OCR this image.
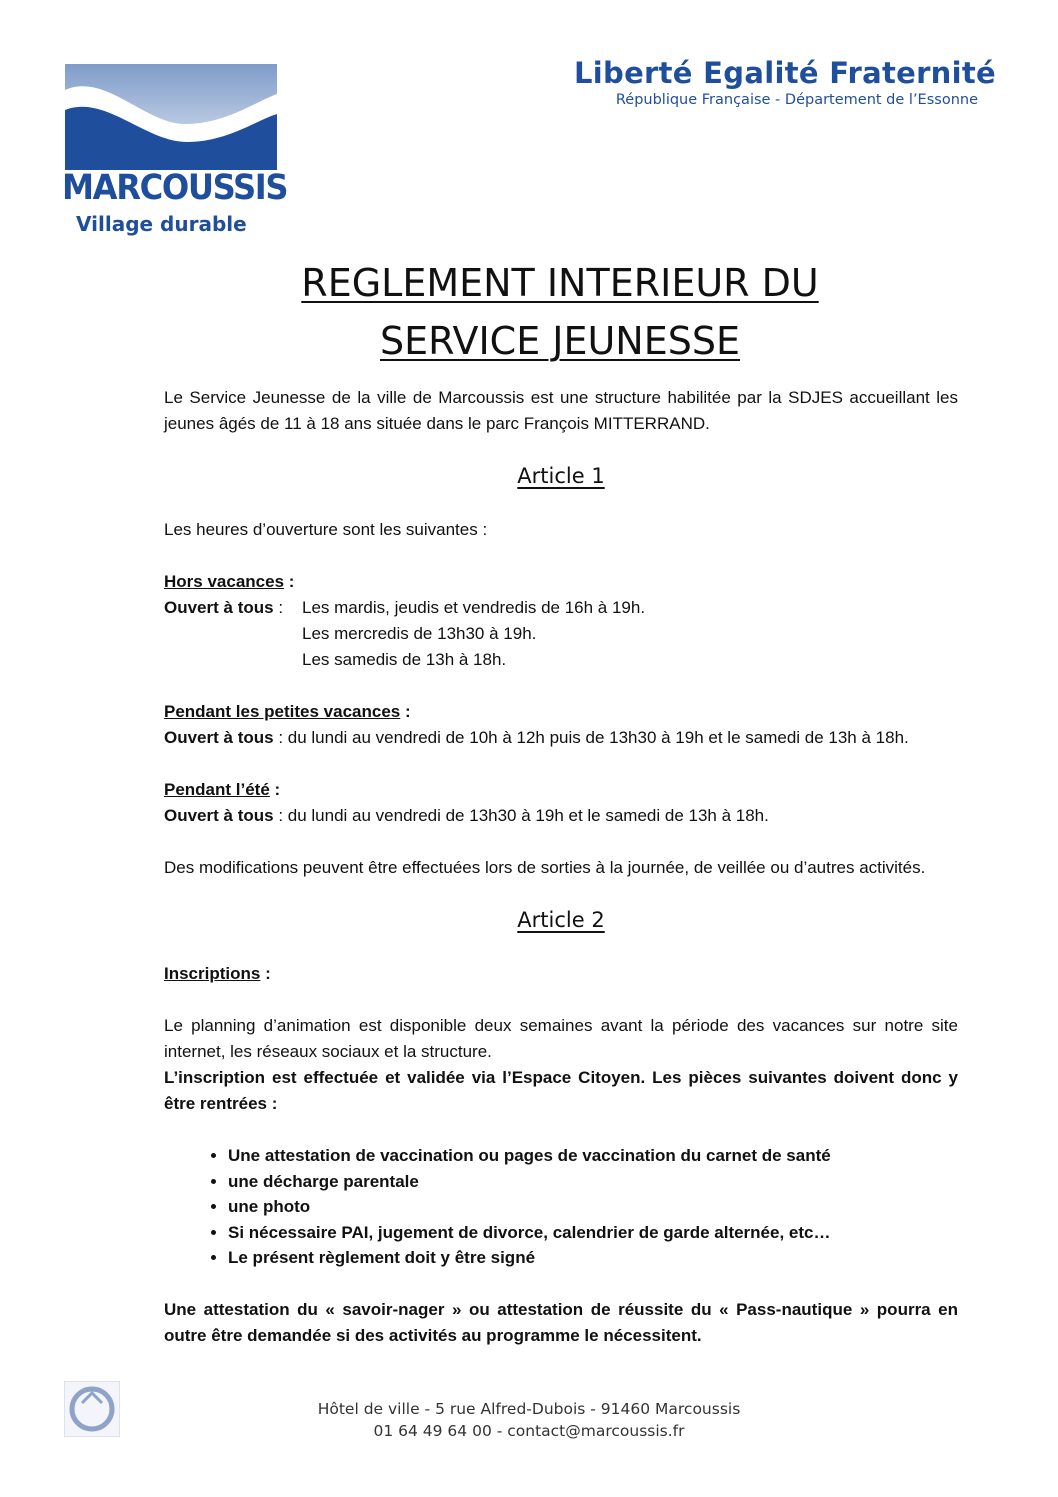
MARCOUSSIS
Village durable
Liberté Egalité Fraternité
République Française - Département de l’Essonne
REGLEMENT INTERIEUR DU
SERVICE JEUNESSE

Le Service Jeunesse de la ville de Marcoussis est une structure habilitée par la SDJES accueillant les jeunes âgés de 11 à 18 ans située dans le parc François MITTERRAND.

Article 1

Les heures d’ouverture sont les suivantes :

Hors vacances :

Ouvert à tous :	Les mardis, jeudis et vendredis de 16h à 19h.
Les mercredis de 13h30 à 19h.
Les samedis de 13h à 18h.

Pendant les petites vacances :

Ouvert à tous : du lundi au vendredi de 10h à 12h puis de 13h30 à 19h et le samedi de 13h à 18h.

Pendant l’été :

Ouvert à tous : du lundi au vendredi de 13h30 à 19h et le samedi de 13h à 18h.

Des modifications peuvent être effectuées lors de sorties à la journée, de veillée ou d’autres activités.

Article 2

Inscriptions :

Le planning d’animation est disponible deux semaines avant la période des vacances sur notre site internet, les réseaux sociaux et la structure.

L’inscription est effectuée et validée via l’Espace Citoyen. Les pièces suivantes doivent donc y être rentrées :

• Une attestation de vaccination ou pages de vaccination du carnet de santé
• une décharge parentale
• une photo
• Si nécessaire PAI, jugement de divorce, calendrier de garde alternée, etc…
• Le présent règlement doit y être signé

Une attestation du « savoir-nager » ou attestation de réussite du « Pass-nautique » pourra en outre être demandée si des activités au programme le nécessitent.

Hôtel de ville - 5 rue Alfred-Dubois - 91460 Marcoussis
01 64 49 64 00 - contact@marcoussis.fr
